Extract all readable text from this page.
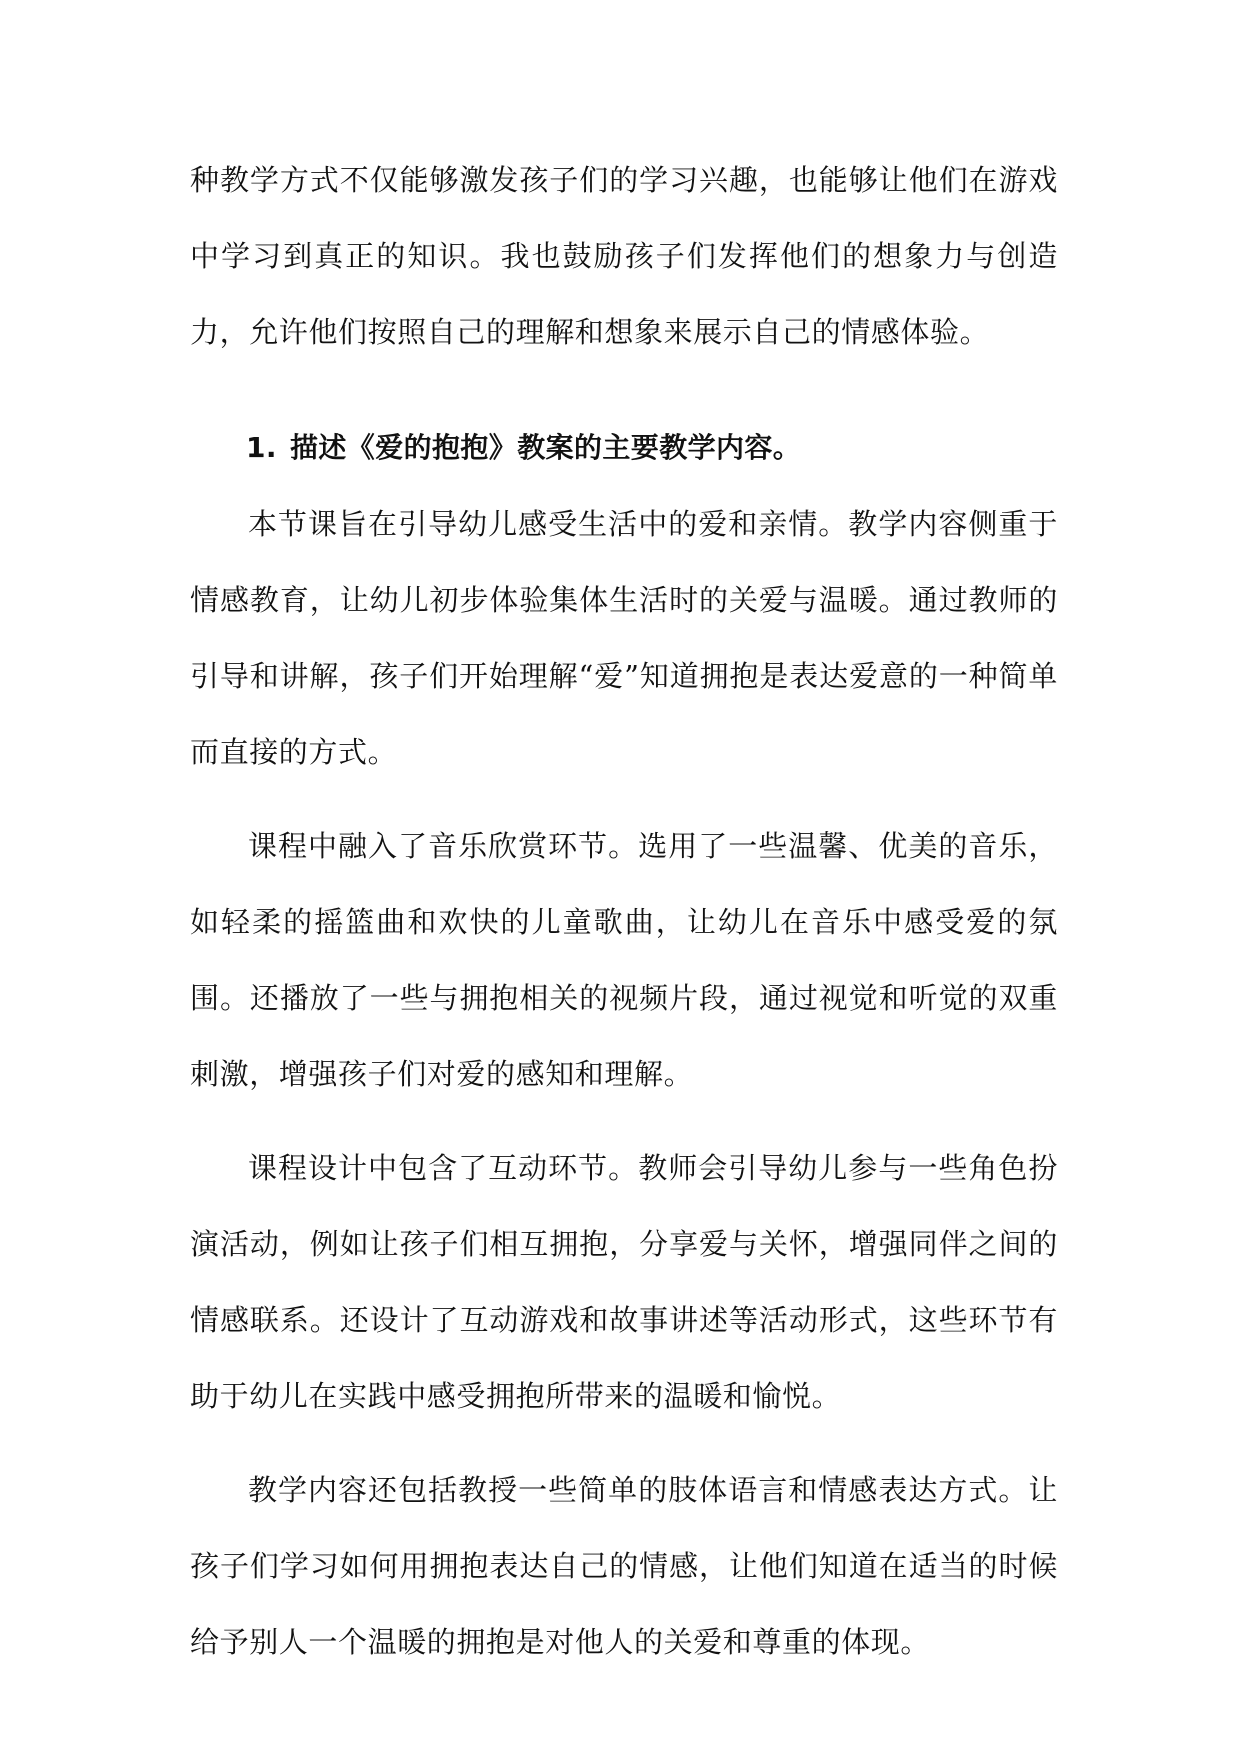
种教学方式不仅能够激发孩子们的学习兴趣，也能够让他们在游戏中学习到真正的知识。我也鼓励孩子们发挥他们的想象力与创造力，允许他们按照自己的理解和想象来展示自己的情感体验。

1. 描述《爱的抱抱》教案的主要教学内容。

本节课旨在引导幼儿感受生活中的爱和亲情。教学内容侧重于情感教育，让幼儿初步体验集体生活时的关爱与温暖。通过教师的引导和讲解，孩子们开始理解“爱”知道拥抱是表达爱意的一种简单而直接的方式。

课程中融入了音乐欣赏环节。选用了一些温馨、优美的音乐，如轻柔的摇篮曲和欢快的儿童歌曲，让幼儿在音乐中感受爱的氛围。还播放了一些与拥抱相关的视频片段，通过视觉和听觉的双重刺激，增强孩子们对爱的感知和理解。

课程设计中包含了互动环节。教师会引导幼儿参与一些角色扮演活动，例如让孩子们相互拥抱，分享爱与关怀，增强同伴之间的情感联系。还设计了互动游戏和故事讲述等活动形式，这些环节有助于幼儿在实践中感受拥抱所带来的温暖和愉悦。

教学内容还包括教授一些简单的肢体语言和情感表达方式。让孩子们学习如何用拥抱表达自己的情感，让他们知道在适当的时候给予别人一个温暖的拥抱是对他人的关爱和尊重的体现。
